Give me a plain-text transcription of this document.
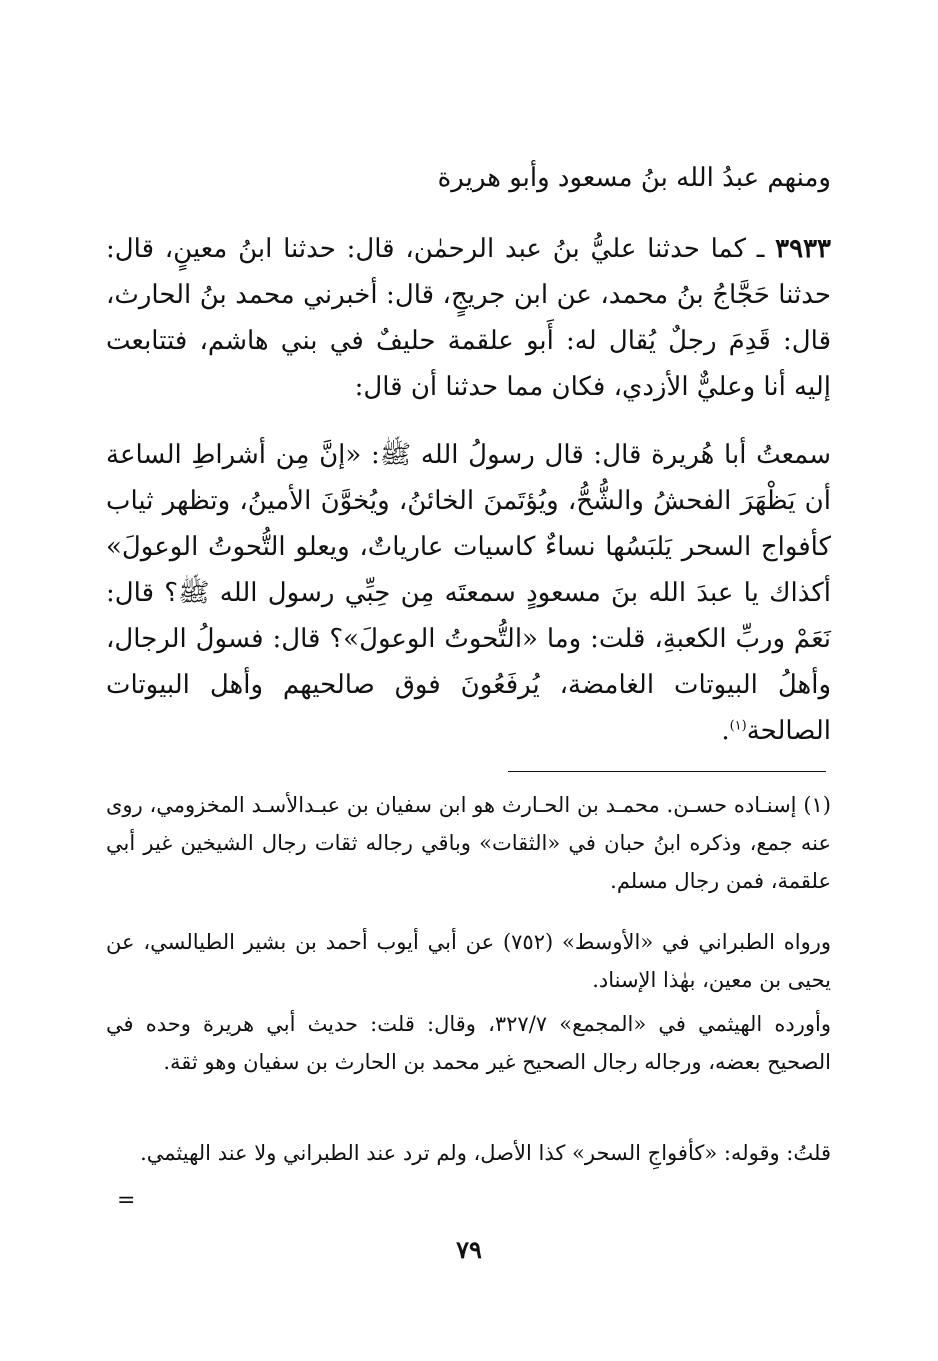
ومنهم عبدُ الله بنُ مسعود وأبو هريرة
٣٩٣٣ ـ كما حدثنا عليُّ بنُ عبد الرحمٰن، قال: حدثنا ابنُ معينٍ، قال: حدثنا حَجَّاجُ بنُ محمد، عن ابن جريجٍ، قال: أخبرني محمد بنُ الحارث، قال: قَدِمَ رجلٌ يُقال له: أَبو علقمة حليفٌ في بني هاشم، فتتابعت إليه أنا وعليٌّ الأزدي، فكان مما حدثنا أن قال:
سمعتُ أبا هُريرة قال: قال رسولُ الله ﷺ: «إنَّ مِن أشراطِ الساعة أن يَظْهَرَ الفحشُ والشُّحُّ، ويُؤتَمنَ الخائنُ، ويُخوَّنَ الأمينُ، وتظهر ثياب كأفواج السحر يَلبَسُها نساءٌ كاسيات عارياتٌ، ويعلو التُّحوتُ الوعولَ» أكذاك يا عبدَ الله بنَ مسعودٍ سمعتَه مِن حِبِّي رسول الله ﷺ؟ قال: نَعَمْ وربِّ الكعبةِ، قلت: وما «التُّحوتُ الوعولَ»؟ قال: فسولُ الرجال، وأهلُ البيوتات الغامضة، يُرفَعُونَ فوق صالحيهم وأهل البيوتات الصالحة$^{(١)}$.
(١) إسنـاده حسـن. محمـد بن الحـارث هو ابن سفيان بن عبـدالأسـد المخزومي، روى عنه جمع، وذكره ابنُ حبان في «الثقات» وباقي رجاله ثقات رجال الشيخين غير أبي علقمة، فمن رجال مسلم.
ورواه الطبراني في «الأوسط» (٧٥٢) عن أبي أيوب أحمد بن بشير الطيالسي، عن يحيى بن معين، بهٰذا الإسناد.
وأورده الهيثمي في «المجمع» ٣٢٧/٧، وقال: قلت: حديث أبي هريرة وحده في الصحيح بعضه، ورجاله رجال الصحيح غير محمد بن الحارث بن سفيان وهو ثقة.
قلتُ: وقوله: «كأفواجِ السحر» كذا الأصل، ولم ترد عند الطبراني ولا عند الهيثمي.
=
٧٩
